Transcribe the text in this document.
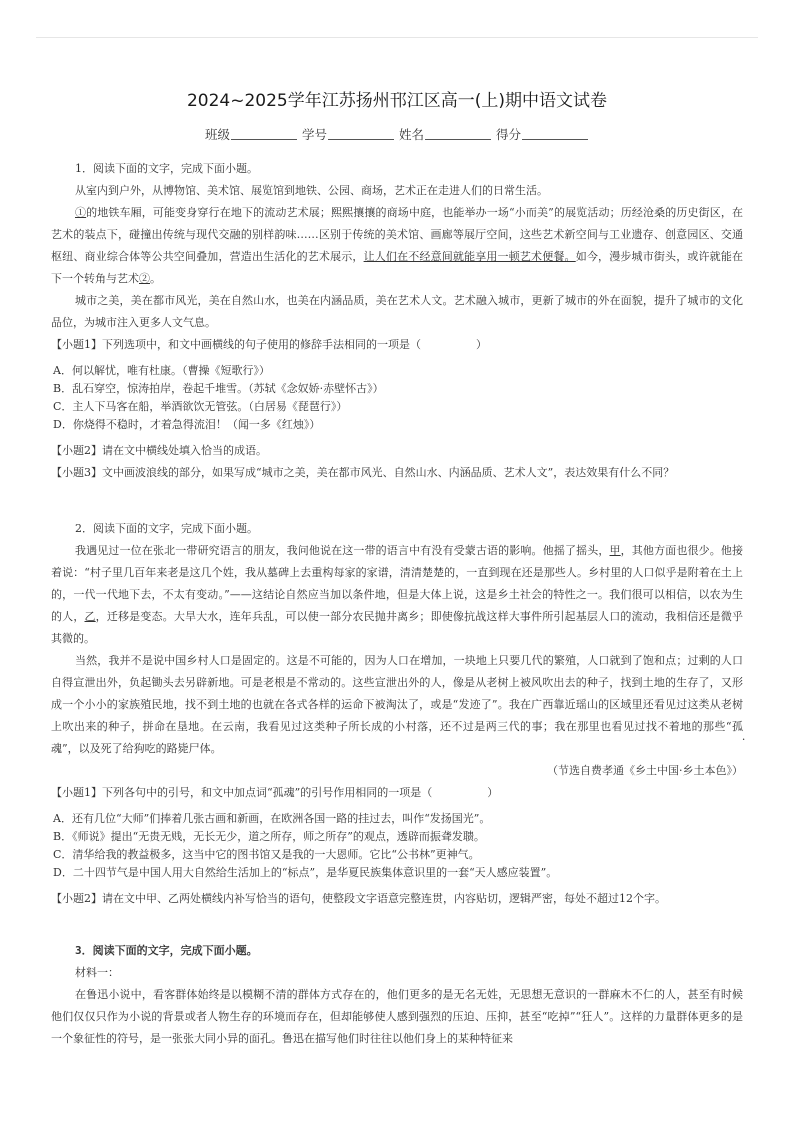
2024~2025学年江苏扬州邗江区高一(上)期中语文试卷
班级	学号	姓名	得分

1．阅读下面的文字，完成下面小题。

从室内到户外，从博物馆、美术馆、展览馆到地铁、公园、商场，艺术正在走进人们的日常生活。

①的地铁车厢，可能变身穿行在地下的流动艺术展；熙熙攘攘的商场中庭，也能举办一场“小而美”的展览活动；历经沧桑的历史街区，在艺术的装点下，碰撞出传统与现代交融的别样韵味……区别于传统的美术馆、画廊等展厅空间，这些艺术新空间与工业遗存、创意园区、交通枢纽、商业综合体等公共空间叠加，营造出生活化的艺术展示，让人们在不经意间就能享用一顿艺术便餐。如今，漫步城市街头，或许就能在下一个转角与艺术②。

城市之美，美在都市风光，美在自然山水，也美在内涵品质，美在艺术人文。艺术融入城市，更新了城市的外在面貌，提升了城市的文化品位，为城市注入更多人文气息。

【小题1】下列选项中，和文中画横线的句子使用的修辞手法相同的一项是（　　　　　）

A．何以解忧，唯有杜康。（曹操《短歌行》）

B．乱石穿空，惊涛拍岸，卷起千堆雪。（苏轼《念奴娇·赤壁怀古》）

C．主人下马客在船，举酒欲饮无管弦。（白居易《琵琶行》）

D．你烧得不稳时，才着急得流泪！（闻一多《红烛》）

【小题2】请在文中横线处填入恰当的成语。

【小题3】文中画波浪线的部分，如果写成“城市之美，美在都市风光、自然山水、内涵品质、艺术人文”，表达效果有什么不同？

2．阅读下面的文字，完成下面小题。

我遇见过一位在张北一带研究语言的朋友，我问他说在这一带的语言中有没有受蒙古语的影响。他摇了摇头，甲，其他方面也很少。他接着说：“村子里几百年来老是这几个姓，我从墓碑上去重构每家的家谱，清清楚楚的，一直到现在还是那些人。乡村里的人口似乎是附着在土上的，一代一代地下去，不太有变动。”——这结论自然应当加以条件地，但是大体上说，这是乡土社会的特性之一。我们很可以相信，以农为生的人，乙，迁移是变态。大旱大水，连年兵乱，可以使一部分农民抛井离乡；即使像抗战这样大事件所引起基层人口的流动，我相信还是微乎其微的。

当然，我并不是说中国乡村人口是固定的。这是不可能的，因为人口在增加，一块地上只要几代的繁殖，人口就到了饱和点；过剩的人口自得宣泄出外，负起锄头去另辟新地。可是老根是不常动的。这些宣泄出外的人，像是从老树上被风吹出去的种子，找到土地的生存了，又形成一个小小的家族殖民地，找不到土地的也就在各式各样的运命下被淘汰了，或是“发迹了”。我在广西靠近瑶山的区域里还看见过这类从老树上吹出来的种子，拼命在垦地。在云南，我看见过这类种子所长成的小村落，还不过是两三代的事；我在那里也看见过找不着地的那些“孤魂 ·”，以及死了给狗吃的路毙尸体。

（节选自费孝通《乡土中国·乡土本色》）

【小题1】下列各句中的引号，和文中加点词“孤魂”的引号作用相同的一项是（　　　　　）

A．还有几位“大师”们捧着几张古画和新画，在欧洲各国一路的挂过去，叫作“发扬国光”。

B．《师说》提出“无贵无贱，无长无少，道之所存，师之所存”的观点，透辟而振聋发聩。

C．清华给我的教益极多，这当中它的图书馆又是我的一大恩师。它比“公书林”更神气。

D．二十四节气是中国人用大自然给生活加上的“标点”，是华夏民族集体意识里的一套“天人感应装置”。

【小题2】请在文中甲、乙两处横线内补写恰当的语句，使整段文字语意完整连贯，内容贴切，逻辑严密，每处不超过12个字。

3．阅读下面的文字，完成下面小题。

材料一：

在鲁迅小说中，看客群体始终是以模糊不清的群体方式存在的，他们更多的是无名无姓，无思想无意识的一群麻木不仁的人，甚至有时候他们仅仅只作为小说的背景或者人物生存的环境而存在，但却能够使人感到强烈的压迫、压抑，甚至“吃掉”“狂人”。这样的力量群体更多的是一个象征性的符号，是一张张大同小异的面孔。鲁迅在描写他们时往往以他们身上的某种特征来
